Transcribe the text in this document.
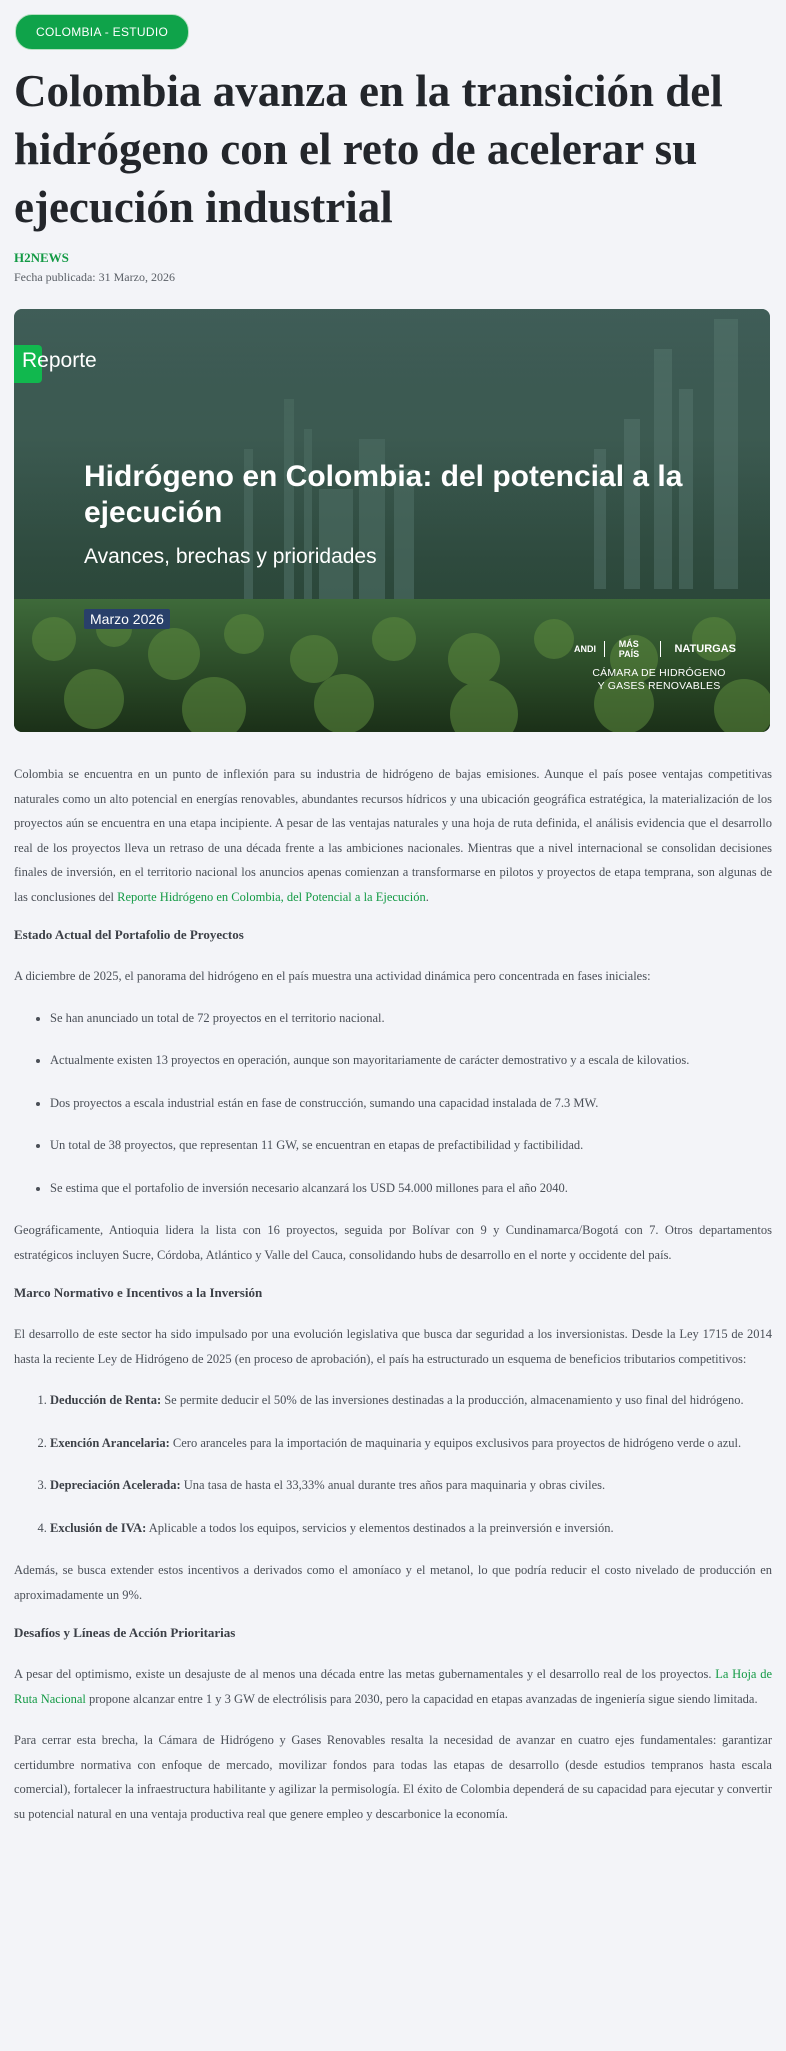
COLOMBIA - ESTUDIO
Colombia avanza en la transición del hidrógeno con el reto de acelerar su ejecución industrial
H2NEWS
Fecha publicada: 31 Marzo, 2026
Reporte
Hidrógeno en Colombia: del potencial a la ejecución
Avances, brechas y prioridades
Marzo 2026
ANDI	MÁS PAÍS	NATURGAS
CÁMARA DE HIDRÓGENO
Y GASES RENOVABLES

Colombia se encuentra en un punto de inflexión para su industria de hidrógeno de bajas emisiones. Aunque el país posee ventajas competitivas naturales como un alto potencial en energías renovables, abundantes recursos hídricos y una ubicación geográfica estratégica, la materialización de los proyectos aún se encuentra en una etapa incipiente. A pesar de las ventajas naturales y una hoja de ruta definida, el análisis evidencia que el desarrollo real de los proyectos lleva un retraso de una década frente a las ambiciones nacionales. Mientras que a nivel internacional se consolidan decisiones finales de inversión, en el territorio nacional los anuncios apenas comienzan a transformarse en pilotos y proyectos de etapa temprana, son algunas de las conclusiones del Reporte Hidrógeno en Colombia, del Potencial a la Ejecución.

Estado Actual del Portafolio de Proyectos

A diciembre de 2025, el panorama del hidrógeno en el país muestra una actividad dinámica pero concentrada en fases iniciales:

• Se han anunciado un total de 72 proyectos en el territorio nacional.
• Actualmente existen 13 proyectos en operación, aunque son mayoritariamente de carácter demostrativo y a escala de kilovatios.
• Dos proyectos a escala industrial están en fase de construcción, sumando una capacidad instalada de 7.3 MW.
• Un total de 38 proyectos, que representan 11 GW, se encuentran en etapas de prefactibilidad y factibilidad.
• Se estima que el portafolio de inversión necesario alcanzará los USD 54.000 millones para el año 2040.

Geográficamente, Antioquia lidera la lista con 16 proyectos, seguida por Bolívar con 9 y Cundinamarca/Bogotá con 7. Otros departamentos estratégicos incluyen Sucre, Córdoba, Atlántico y Valle del Cauca, consolidando hubs de desarrollo en el norte y occidente del país.

Marco Normativo e Incentivos a la Inversión

El desarrollo de este sector ha sido impulsado por una evolución legislativa que busca dar seguridad a los inversionistas. Desde la Ley 1715 de 2014 hasta la reciente Ley de Hidrógeno de 2025 (en proceso de aprobación), el país ha estructurado un esquema de beneficios tributarios competitivos:

1. Deducción de Renta: Se permite deducir el 50% de las inversiones destinadas a la producción, almacenamiento y uso final del hidrógeno.
2. Exención Arancelaria: Cero aranceles para la importación de maquinaria y equipos exclusivos para proyectos de hidrógeno verde o azul.
3. Depreciación Acelerada: Una tasa de hasta el 33,33% anual durante tres años para maquinaria y obras civiles.
4. Exclusión de IVA: Aplicable a todos los equipos, servicios y elementos destinados a la preinversión e inversión.

Además, se busca extender estos incentivos a derivados como el amoníaco y el metanol, lo que podría reducir el costo nivelado de producción en aproximadamente un 9%.

Desafíos y Líneas de Acción Prioritarias

A pesar del optimismo, existe un desajuste de al menos una década entre las metas gubernamentales y el desarrollo real de los proyectos. La Hoja de Ruta Nacional propone alcanzar entre 1 y 3 GW de electrólisis para 2030, pero la capacidad en etapas avanzadas de ingeniería sigue siendo limitada.

Para cerrar esta brecha, la Cámara de Hidrógeno y Gases Renovables resalta la necesidad de avanzar en cuatro ejes fundamentales: garantizar certidumbre normativa con enfoque de mercado, movilizar fondos para todas las etapas de desarrollo (desde estudios tempranos hasta escala comercial), fortalecer la infraestructura habilitante y agilizar la permisología. El éxito de Colombia dependerá de su capacidad para ejecutar y convertir su potencial natural en una ventaja productiva real que genere empleo y descarbonice la economía.
